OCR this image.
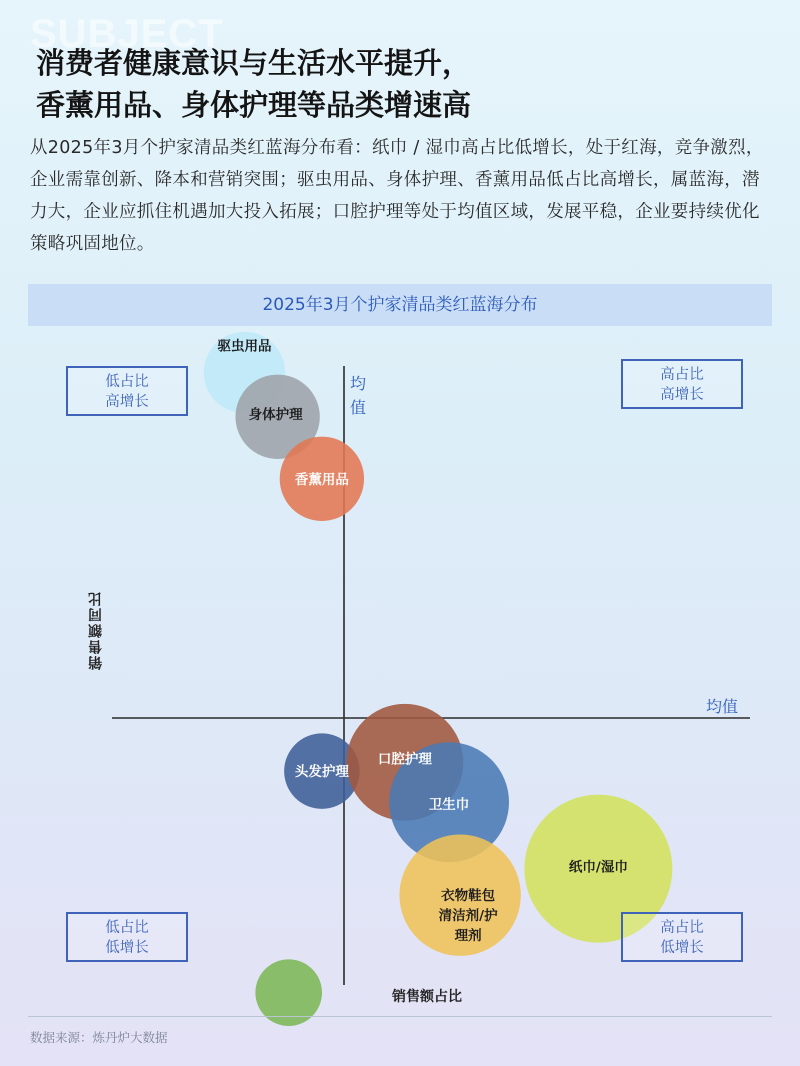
SUBJECT
消费者健康意识与生活水平提升，
香薰用品、身体护理等品类增速高
从2025年3月个护家清品类红蓝海分布看：纸巾 / 湿巾高占比低增长，处于红海，竞争激烈，企业需靠创新、降本和营销突围；驱虫用品、身体护理、香薰用品低占比高增长，属蓝海，潜力大，企业应抓住机遇加大投入拓展；口腔护理等处于均值区域，发展平稳，企业要持续优化策略巩固地位。
2025年3月个护家清品类红蓝海分布
驱虫用品
身体护理
香薰用品
头发护理
口腔护理
卫生巾
衣物鞋包清洁剂/护理剂
纸巾/湿巾
低占比
高增长
高占比
高增长
低占比
低增长
高占比
低增长
均值
均值
销售额同比
销售额占比
数据来源：炼丹炉大数据
